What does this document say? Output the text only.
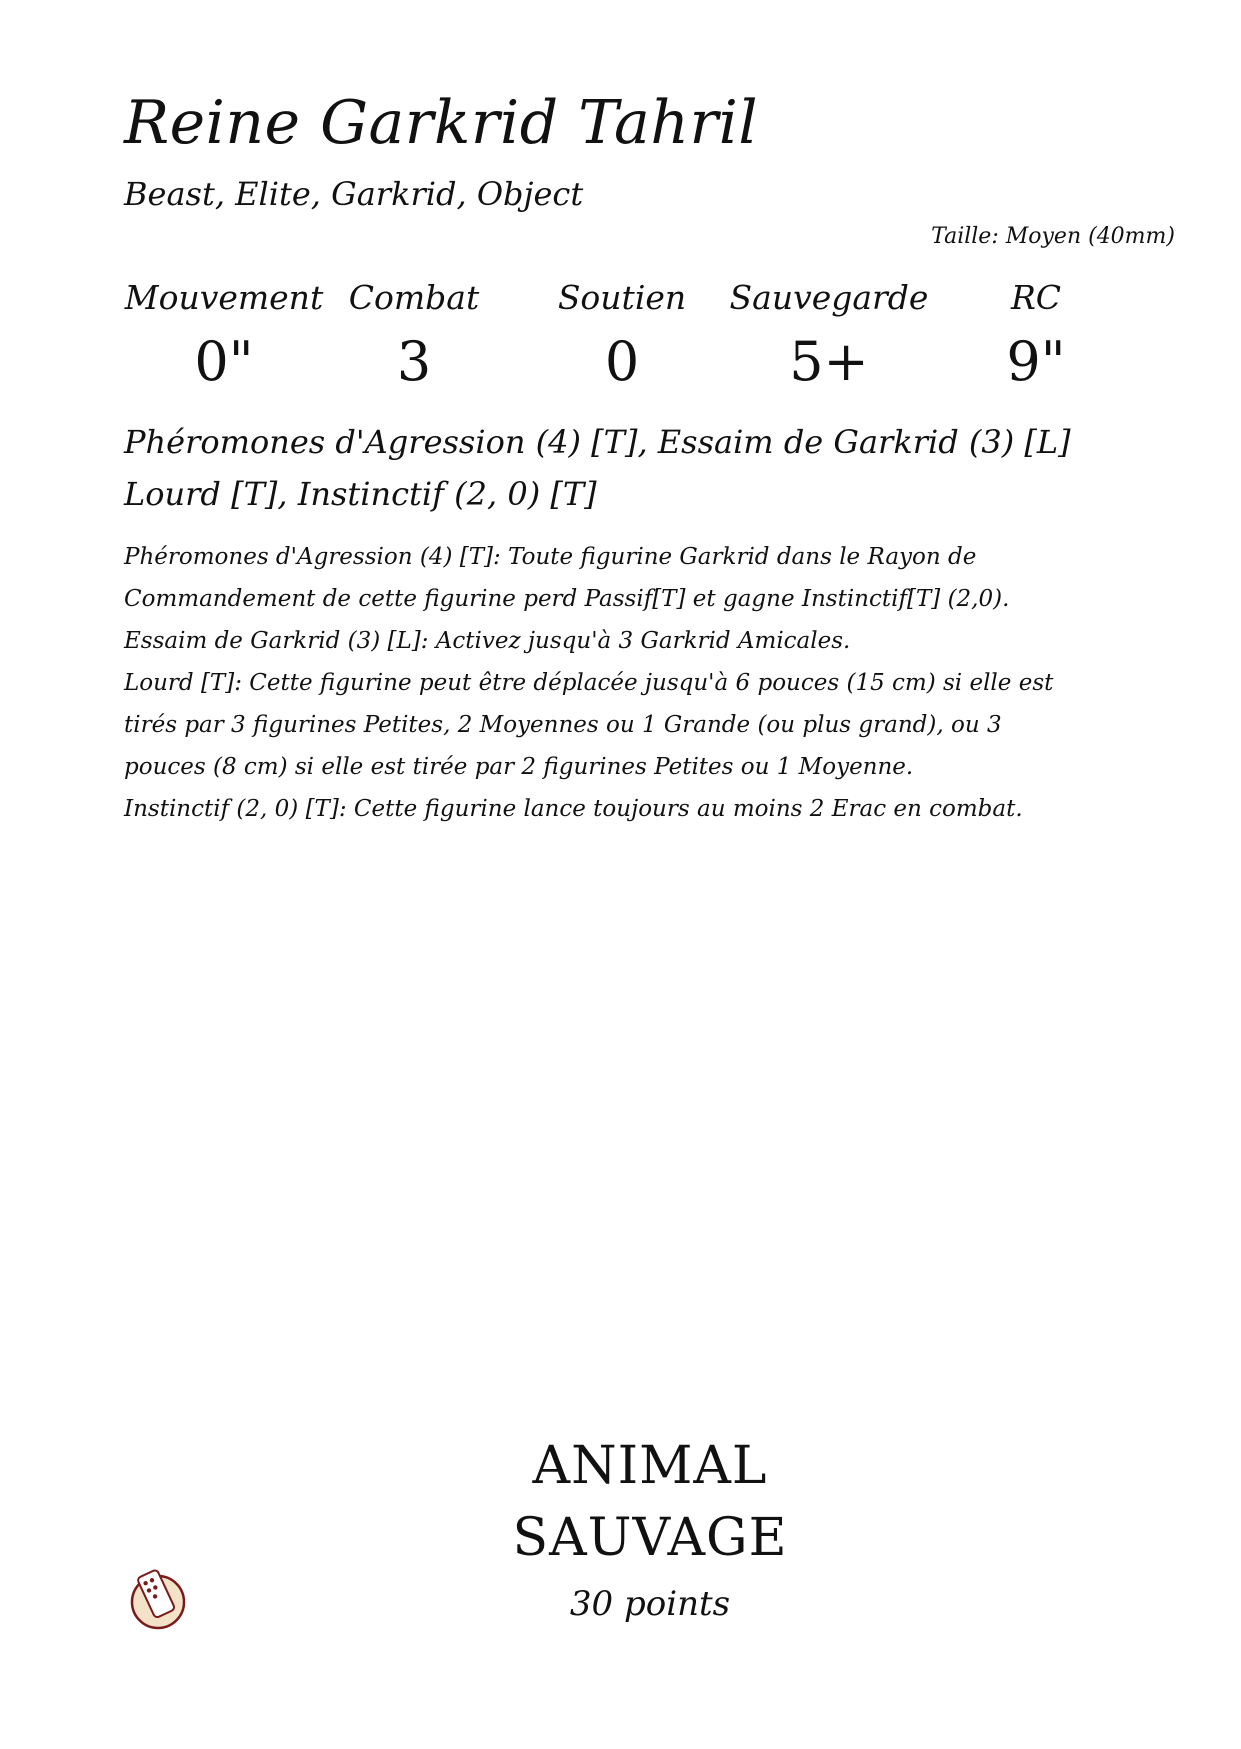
Reine Garkrid Tahril
Beast, Elite, Garkrid, Object
Taille: Moyen (40mm)
Mouvement
0"
Combat
3
Soutien
0
Sauvegarde
5+
RC
9"
Phéromones d'Agression (4) [T], Essaim de Garkrid (3) [L]
Lourd [T], Instinctif (2, 0) [T]

Phéromones d'Agression (4) [T]: Toute figurine Garkrid dans le Rayon de Commandement de cette figurine perd Passif[T] et gagne Instinctif[T] (2,0).

Essaim de Garkrid (3) [L]: Activez jusqu'à 3 Garkrid Amicales.

Lourd [T]: Cette figurine peut être déplacée jusqu'à 6 pouces (15 cm) si elle est tirés par 3 figurines Petites, 2 Moyennes ou 1 Grande (ou plus grand), ou 3 pouces (8 cm) si elle est tirée par 2 figurines Petites ou 1 Moyenne.

Instinctif (2, 0) [T]: Cette figurine lance toujours au moins 2 Erac en combat.

ANIMAL
SAUVAGE
30 points
